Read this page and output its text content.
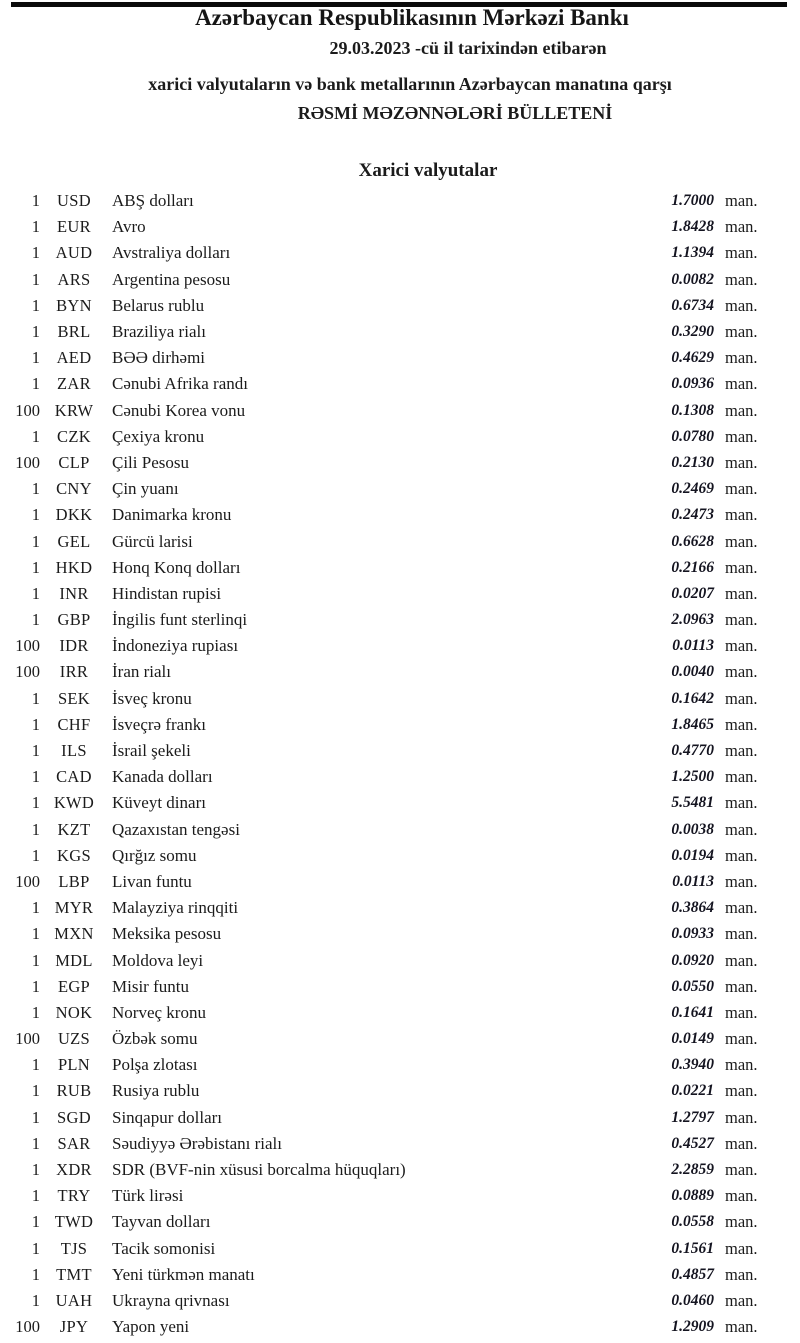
Azərbaycan Respublikasının Mərkəzi Bankı
29.03.2023 -cü il tarixindən etibarən
xarici valyutaların və bank metallarının Azərbaycan manatına qarşı
RƏSMİ MƏZƏNNƏLƏRİ BÜLLETENİ
Xarici valyutalar
1	USD	ABŞ dolları	1.7000 man.
1	EUR	Avro	1.8428 man.
1 AUD	Avstraliya dolları	1.1394 man.
1	ARS	Argentina pesosu	0.0082 man.
1 BYN	Belarus rublu	0.6734 man.
1	BRL	Braziliya rialı	0.3290 man.
1	AED	BƏƏ dirhəmi	0.4629 man.
1	ZAR	Cənubi Afrika randı	0.0936 man.
100 KRW	Cənubi Korea vonu	0.1308 man.
1	CZK	Çexiya kronu	0.0780 man.
100	CLP	Çili Pesosu	0.2130 man.
1 CNY	Çin yuanı	0.2469 man.
1 DKK	Danimarka kronu	0.2473 man.
1	GEL	Gürcü larisi	0.6628 man.
1 HKD	Honq Konq dolları	0.2166 man.
1	INR	Hindistan rupisi	0.0207 man.
1	GBP	İngilis funt sterlinqi	2.0963 man.
100	IDR	İndoneziya rupiası	0.0113 man.
100	IRR	İran rialı	0.0040 man.
1	SEK	İsveç kronu	0.1642 man.
1	CHF	İsveçrə frankı	1.8465 man.
1	ILS	İsrail şekeli	0.4770 man.
1 CAD	Kanada dolları	1.2500 man.
1 KWD	Küveyt dinarı	5.5481 man.
1	KZT	Qazaxıstan tengəsi	0.0038 man.
1	KGS	Qırğız somu	0.0194 man.
100	LBP	Livan funtu	0.0113 man.
1 MYR	Malayziya rinqqiti	0.3864 man.
1 MXN	Meksika pesosu	0.0933 man.
1 MDL	Moldova leyi	0.0920 man.
1	EGP	Misir funtu	0.0550 man.
1 NOK	Norveç kronu	0.1641 man.
100	UZS	Özbək somu	0.0149 man.
1	PLN	Polşa zlotası	0.3940 man.
1	RUB	Rusiya rublu	0.0221 man.
1	SGD	Sinqapur dolları	1.2797 man.
1	SAR	Səudiyyə Ərəbistanı rialı	0.4527 man.
1 XDR	SDR (BVF-nin xüsusi borcalma hüquqları)	2.2859 man.
1	TRY	Türk lirəsi	0.0889 man.
1 TWD	Tayvan dolları	0.0558 man.
1	TJS	Tacik somonisi	0.1561 man.
1 TMT	Yeni türkmən manatı	0.4857 man.
1 UAH	Ukrayna qrivnası	0.0460 man.
100	JPY	Yapon yeni	1.2909 man.
